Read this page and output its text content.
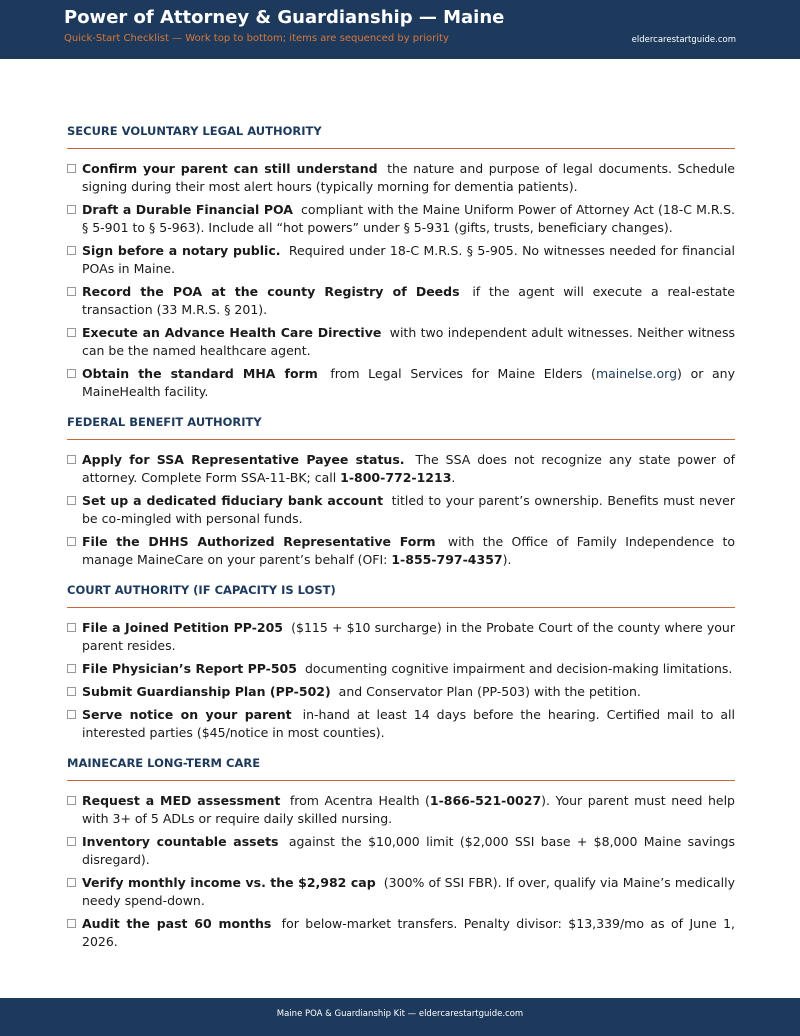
Power of Attorney & Guardianship — Maine
Quick-Start Checklist — Work top to bottom; items are sequenced by priority	eldercarestartguide.com
SECURE VOLUNTARY LEGAL AUTHORITY
Confirm your parent can still understand the nature and purpose of legal documents. Schedule signing during their most alert hours (typically morning for dementia patients).
Draft a Durable Financial POA compliant with the Maine Uniform Power of Attorney Act (18-C M.R.S. § 5-901 to § 5-963). Include all “hot powers” under § 5-931 (gifts, trusts, beneficiary changes).
Sign before a notary public. Required under 18-C M.R.S. § 5-905. No witnesses needed for financial POAs in Maine.
Record the POA at the county Registry of Deeds if the agent will execute a real-estate transaction (33 M.R.S. § 201).
Execute an Advance Health Care Directive with two independent adult witnesses. Neither witness can be the named healthcare agent.
Obtain the standard MHA form from Legal Services for Maine Elders (mainelse.org) or any MaineHealth facility.
FEDERAL BENEFIT AUTHORITY
Apply for SSA Representative Payee status. The SSA does not recognize any state power of attorney. Complete Form SSA-11-BK; call 1-800-772-1213.
Set up a dedicated fiduciary bank account titled to your parent’s ownership. Benefits must never be co-mingled with personal funds.
File the DHHS Authorized Representative Form with the Office of Family Independence to manage MaineCare on your parent’s behalf (OFI: 1-855-797-4357).
COURT AUTHORITY (IF CAPACITY IS LOST)
File a Joined Petition PP-205 ($115 + $10 surcharge) in the Probate Court of the county where your parent resides.
File Physician’s Report PP-505 documenting cognitive impairment and decision-making limitations.
Submit Guardianship Plan (PP-502) and Conservator Plan (PP-503) with the petition.
Serve notice on your parent in-hand at least 14 days before the hearing. Certified mail to all interested parties ($45/notice in most counties).
MAINECARE LONG-TERM CARE
Request a MED assessment from Acentra Health (1-866-521-0027). Your parent must need help with 3+ of 5 ADLs or require daily skilled nursing.
Inventory countable assets against the $10,000 limit ($2,000 SSI base + $8,000 Maine savings disregard).
Verify monthly income vs. the $2,982 cap (300% of SSI FBR). If over, qualify via Maine’s medically needy spend-down.
Audit the past 60 months for below-market transfers. Penalty divisor: $13,339/mo as of June 1, 2026.
Maine POA & Guardianship Kit — eldercarestartguide.com
